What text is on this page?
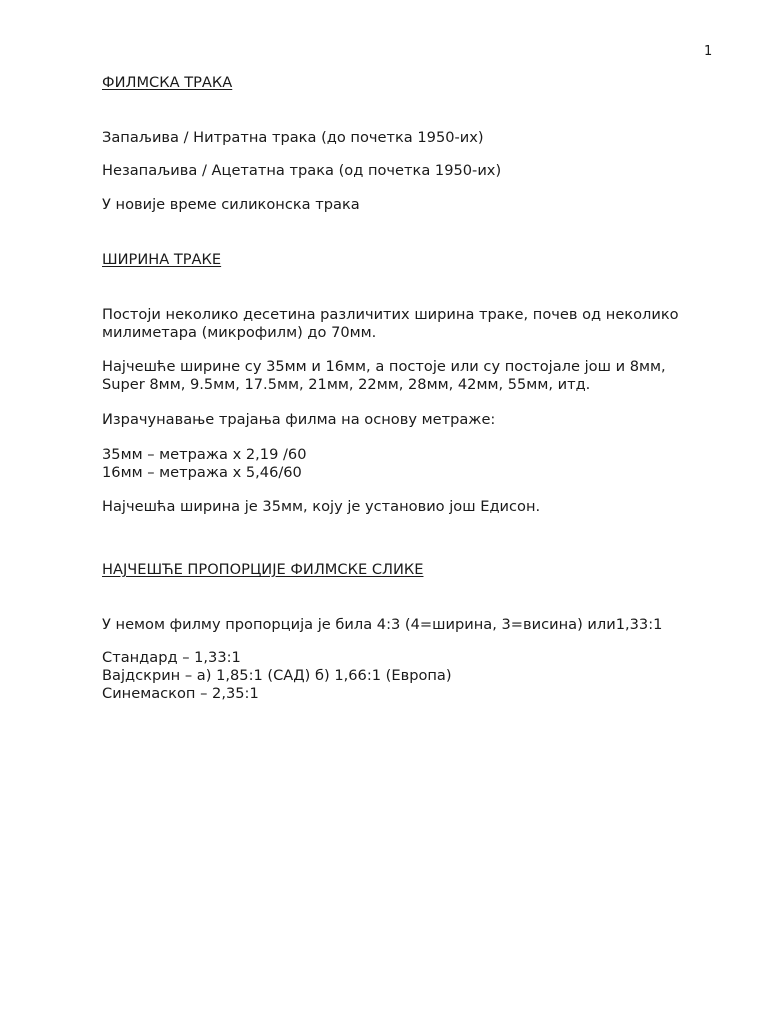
1

ФИЛМСКА ТРАКА

Запаљива / Нитратна трака (до почетка 1950-их)

Незапаљива / Ацетатна трака (од почетка 1950-их)

У новије време силиконска трака

ШИРИНА ТРАКЕ

Постоји неколико десетина различитих ширина траке, почев од неколико
милиметара (микрофилм) до 70мм.

Најчешће ширине су 35мм и 16мм, а постоје или су постојале још и 8мм,
Super 8мм, 9.5мм, 17.5мм, 21мм, 22мм, 28мм, 42мм, 55мм, итд.

Израчунавање трајања филма на основу метраже:

35мм – метража x 2,19 /60
16мм – метража x 5,46/60

Најчешћа ширина је 35мм, коју је установио још Едисон.

НАЈЧЕШЋЕ ПРОПОРЦИЈЕ ФИЛМСКЕ СЛИКЕ

У немом филму пропорција је била 4:3 (4=ширина, 3=висина) или1,33:1

Стандард – 1,33:1
Вајдскрин – а) 1,85:1 (САД) б) 1,66:1 (Европа)
Синемаскоп – 2,35:1
